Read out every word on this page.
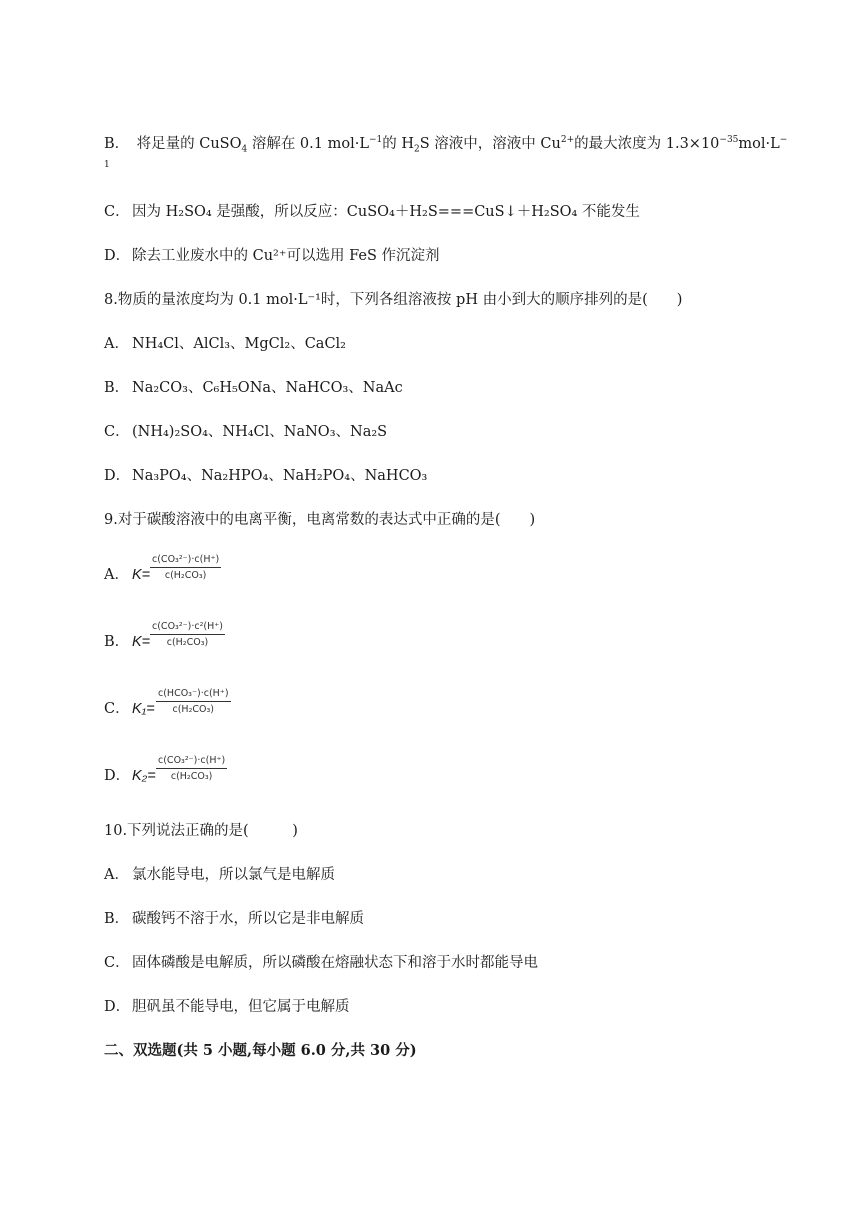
B． 将足量的 CuSO$_4$ 溶解在 0.1 $mol\cdot L^{-1}$的 $H_2S$ 溶液中，溶液中 $Cu^{2+}$的最大浓度为 $1.3\times 10^{-35}mol\cdot L^-$
1
C． 因为 H₂SO₄ 是强酸，所以反应：CuSO₄＋H₂S===CuS↓＋H₂SO₄ 不能发生
D． 除去工业废水中的 Cu²⁺可以选用 FeS 作沉淀剂
8.物质的量浓度均为 0.1 mol·L⁻¹时，下列各组溶液按 pH 由小到大的顺序排列的是(　　)
A． NH₄Cl、AlCl₃、MgCl₂、CaCl₂
B． Na₂CO₃、C₆H₅ONa、NaHCO₃、NaAc
C． (NH₄)₂SO₄、NH₄Cl、NaNO₃、Na₂S
D． Na₃PO₄、Na₂HPO₄、NaH₂PO₄、NaHCO₃
9.对于碳酸溶液中的电离平衡，电离常数的表达式中正确的是(　　)
A． $K= \frac{\text{c(CO₃²⁻)·c(H⁺)}}{\text{c(H₂CO₃)}}$
B． $K= \frac{\text{c(CO₃²⁻)·c²(H⁺)}}{\text{c(H₂CO₃)}}$
C． K₁=
c(HCO₃⁻)·c(H⁺)
c(H₂CO₃)
D． $K_2= \frac{\text{c(CO₃²⁻)·c(H⁺)}}{\text{c(H₂CO₃)}}$
10.下列说法正确的是(　　　)
A． 氯水能导电，所以氯气是电解质
B． 碳酸钙不溶于水，所以它是非电解质
C． 固体磷酸是电解质，所以磷酸在熔融状态下和溶于水时都能导电
D． 胆矾虽不能导电，但它属于电解质
二、双选题(共 5 小题,每小题 6.0 分,共 30 分)
